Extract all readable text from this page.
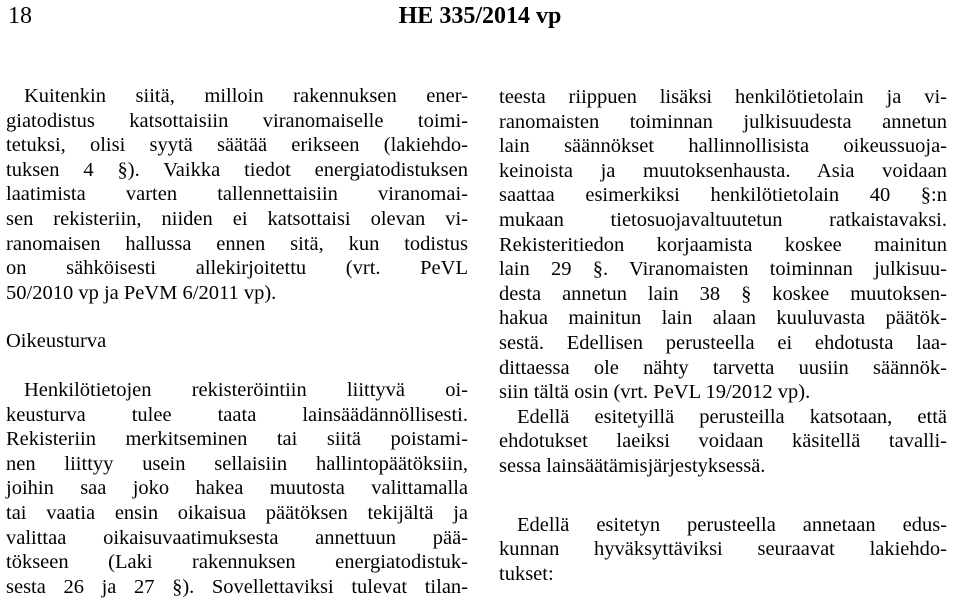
18	HE 335/2014 vp
Kuitenkin siitä, milloin rakennuksen ener-
giatodistus katsottaisiin viranomaiselle toimi-
tetuksi, olisi syytä säätää erikseen (lakiehdo-
tuksen 4 §). Vaikka tiedot energiatodistuksen
laatimista varten tallennettaisiin viranomai-
sen rekisteriin, niiden ei katsottaisi olevan vi-
ranomaisen hallussa ennen sitä, kun todistus
on sähköisesti allekirjoitettu (vrt. PeVL
50/2010 vp ja PeVM 6/2011 vp).
Oikeusturva
Henkilötietojen rekisteröintiin liittyvä oi-
keusturva tulee taata lainsäädännöllisesti.
Rekisteriin merkitseminen tai siitä poistami-
nen liittyy usein sellaisiin hallintopäätöksiin,
joihin saa joko hakea muutosta valittamalla
tai vaatia ensin oikaisua päätöksen tekijältä ja
valittaa oikaisuvaatimuksesta annettuun pää-
tökseen (Laki rakennuksen energiatodistuk-
sesta 26 ja 27 §). Sovellettaviksi tulevat tilan-
teesta riippuen lisäksi henkilötietolain ja vi-
ranomaisten toiminnan julkisuudesta annetun
lain säännökset hallinnollisista oikeussuoja-
keinoista ja muutoksenhausta. Asia voidaan
saattaa esimerkiksi henkilötietolain 40 §:n
mukaan tietosuojavaltuutetun ratkaistavaksi.
Rekisteritiedon korjaamista koskee mainitun
lain 29 §. Viranomaisten toiminnan julkisuu-
desta annetun lain 38 § koskee muutoksen-
hakua mainitun lain alaan kuuluvasta päätök-
sestä. Edellisen perusteella ei ehdotusta laa-
dittaessa ole nähty tarvetta uusiin säännök-
siin tältä osin (vrt. PeVL 19/2012 vp).
Edellä esitetyillä perusteilla katsotaan, että
ehdotukset laeiksi voidaan käsitellä tavalli-
sessa lainsäätämisjärjestyksessä.
Edellä esitetyn perusteella annetaan edus-
kunnan hyväksyttäviksi seuraavat lakiehdo-
tukset:
